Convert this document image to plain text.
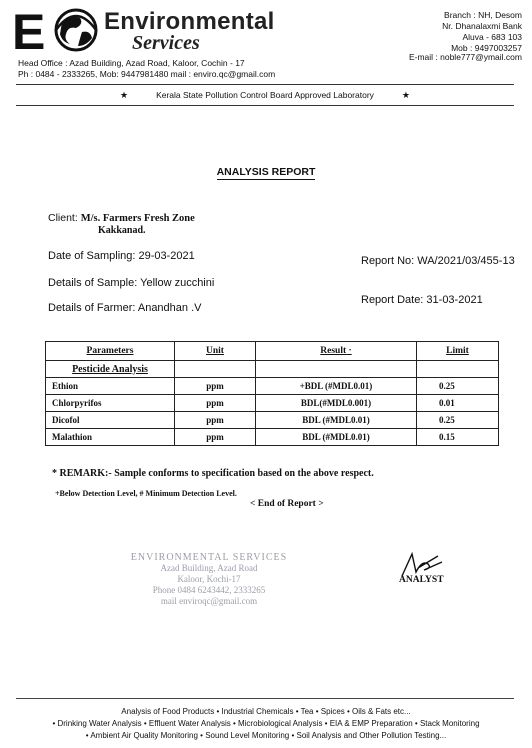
E Environmental
Services
Branch : NH, Desom
Nr. Dhanalaxmi Bank
Aluva - 683 103
Mob : 9497003257
E-mail : noble777@ymail.com
Head Office : Azad Building, Azad Road, Kaloor, Cochin - 17
Ph : 0484 - 2333265, Mob: 9447981480 mail : enviro.qc@gmail.com
★	Kerala State Pollution Control Board Approved Laboratory	★
ANALYSIS REPORT
Client: M/s. Farmers Fresh Zone
Kakkanad.
Date of Sampling: 29-03-2021
Details of Sample: Yellow zucchini
Details of Farmer: Anandhan .V
Report No: WA/2021/03/455-13
Report Date: 31-03-2021
Parameters	Unit	Result ·	Limit
Pesticide Analysis			
Ethion	ppm	+BDL (#MDL0.01)	0.25
Chlorpyrifos	ppm	BDL(#MDL0.001)	0.01
Dicofol	ppm	BDL (#MDL0.01)	0.25
Malathion	ppm	BDL (#MDL0.01)	0.15
* REMARK:- Sample conforms to specification based on the above respect.
+Below Detection Level, # Minimum Detection Level.
< End of Report >
ENVIRONMENTAL SERVICES
Azad Building, Azad Road
Kaloor, Kochi-17
Phone 0484 6243442, 2333265
mail enviroqc@gmail.com
ANALYST
Analysis of Food Products • Industrial Chemicals • Tea • Spices • Oils & Fats etc...
• Drinking Water Analysis • Effluent Water Analysis • Microbiological Analysis • EIA & EMP Preparation • Stack Monitoring
• Ambient Air Quality Monitoring • Sound Level Monitoring • Soil Analysis and Other Pollution Testing...
